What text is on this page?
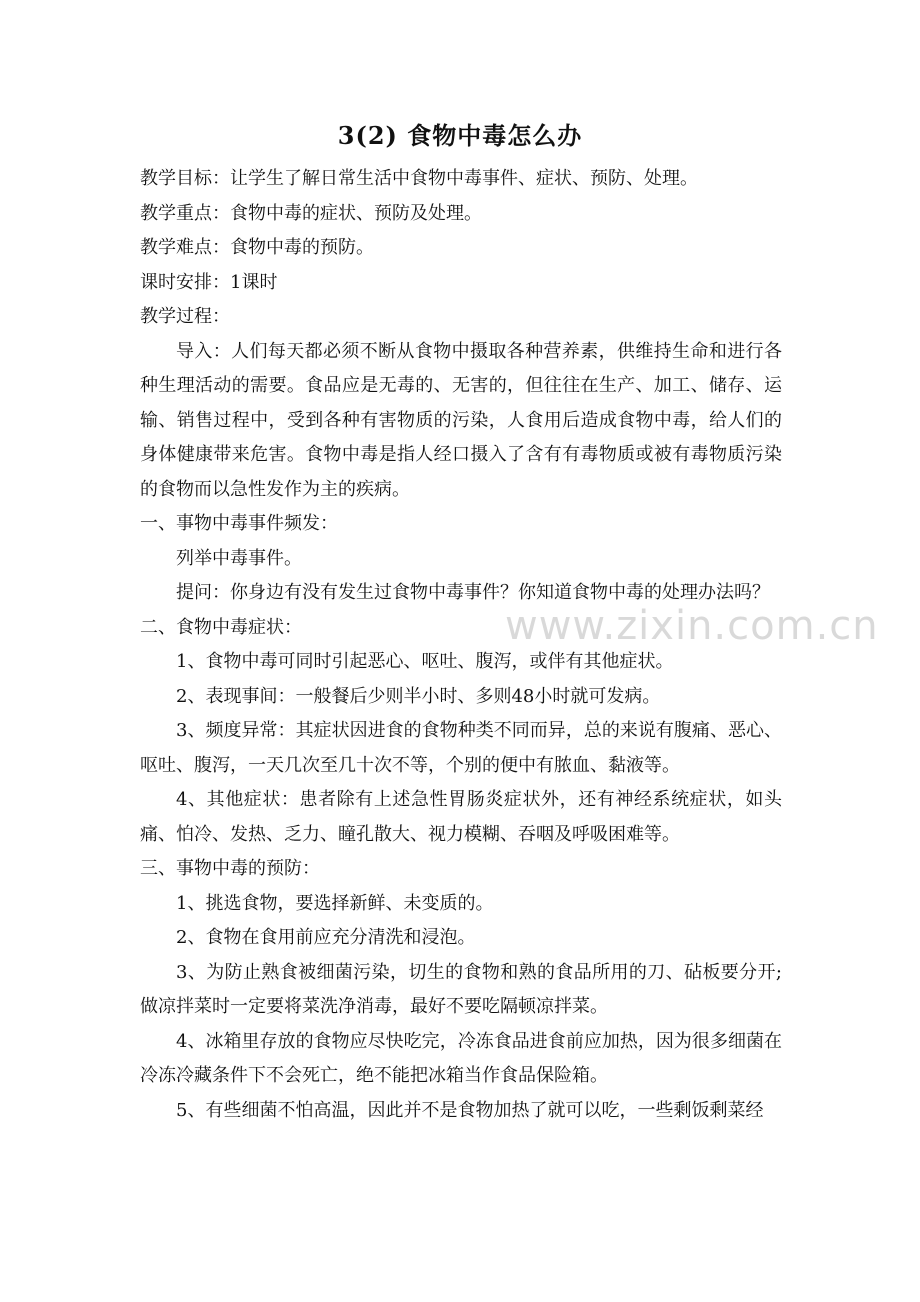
3(2) 食物中毒怎么办

教学目标：让学生了解日常生活中食物中毒事件、症状、预防、处理。

教学重点：食物中毒的症状、预防及处理。

教学难点：食物中毒的预防。

课时安排：1课时

教学过程：

导入：人们每天都必须不断从食物中摄取各种营养素，供维持生命和进行各种生理活动的需要。食品应是无毒的、无害的，但往往在生产、加工、储存、运输、销售过程中，受到各种有害物质的污染，人食用后造成食物中毒，给人们的身体健康带来危害。食物中毒是指人经口摄入了含有有毒物质或被有毒物质污染的食物而以急性发作为主的疾病。

一、事物中毒事件频发：

列举中毒事件。

提问：你身边有没有发生过食物中毒事件？你知道食物中毒的处理办法吗？

二、食物中毒症状：

1、食物中毒可同时引起恶心、呕吐、腹泻，或伴有其他症状。

2、表现事间：一般餐后少则半小时、多则48小时就可发病。

3、频度异常：其症状因进食的食物种类不同而异，总的来说有腹痛、恶心、呕吐、腹泻，一天几次至几十次不等，个别的便中有脓血、黏液等。

4、其他症状：患者除有上述急性胃肠炎症状外，还有神经系统症状，如头痛、怕冷、发热、乏力、瞳孔散大、视力模糊、吞咽及呼吸困难等。

三、事物中毒的预防：

1、挑选食物，要选择新鲜、未变质的。

2、食物在食用前应充分清洗和浸泡。

3、为防止熟食被细菌污染，切生的食物和熟的食品所用的刀、砧板要分开;做凉拌菜时一定要将菜洗净消毒，最好不要吃隔顿凉拌菜。

4、冰箱里存放的食物应尽快吃完，冷冻食品进食前应加热，因为很多细菌在冷冻冷藏条件下不会死亡，绝不能把冰箱当作食品保险箱。

5、有些细菌不怕高温，因此并不是食物加热了就可以吃，一些剩饭剩菜经

www.zixin.com.cn
